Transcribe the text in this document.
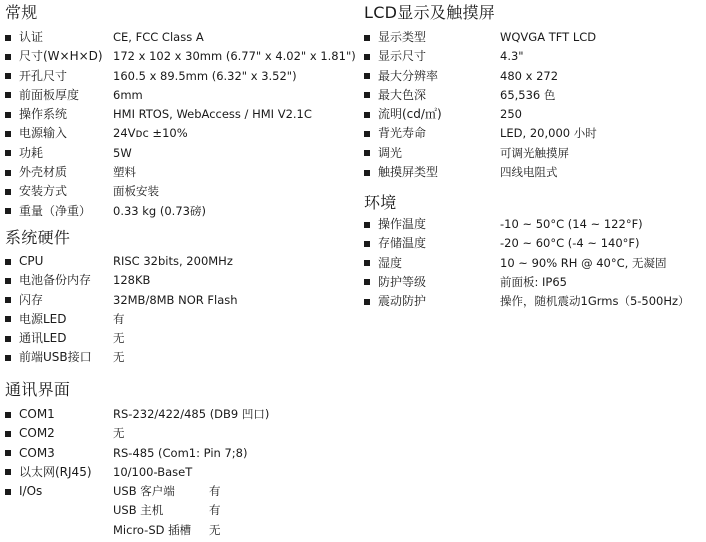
常规
认证	CE, FCC Class A
尺寸(W×H×D) 172 x 102 x 30mm (6.77" x 4.02" x 1.81")
开孔尺寸	160.5 x 89.5mm (6.32" x 3.52")
前面板厚度	6mm
操作系统	HMI RTOS, WebAccess / HMI V2.1C
电源输入	24Vᴅᴄ ±10%
功耗	5W
外壳材质	塑料
安装方式	面板安装
重量（净重） 0.33 kg (0.73磅)
系统硬件
CPU	RISC 32bits, 200MHz
电池备份内存 128KB
闪存	32MB/8MB NOR Flash
电源LED	有
通讯LED	无
前端USB接口 无
通讯界面
COM1	RS-232/422/485 (DB9 凹口)
COM2	无
COM3	RS-485 (Com1: Pin 7;8)
以太网(RJ45) 10/100-BaseT
I/Os	USB 客户端	有
USB 主机	有
Micro-SD 插槽 无
LCD显示及触摸屏
显示类型	WQVGA TFT LCD
显示尺寸	4.3"
最大分辨率	480 x 272
最大色深	65,536 色
流明(cd/㎡)	250
背光寿命	LED, 20,000 小时
调光	可调光触摸屏
触摸屏类型	四线电阻式
环境
操作温度	-10 ~ 50°C (14 ~ 122°F)
存储温度	-20 ~ 60°C (-4 ~ 140°F)
湿度	10 ~ 90% RH @ 40°C, 无凝固
防护等级	前面板: IP65
震动防护	操作，随机震动1Grms（5-500Hz）
